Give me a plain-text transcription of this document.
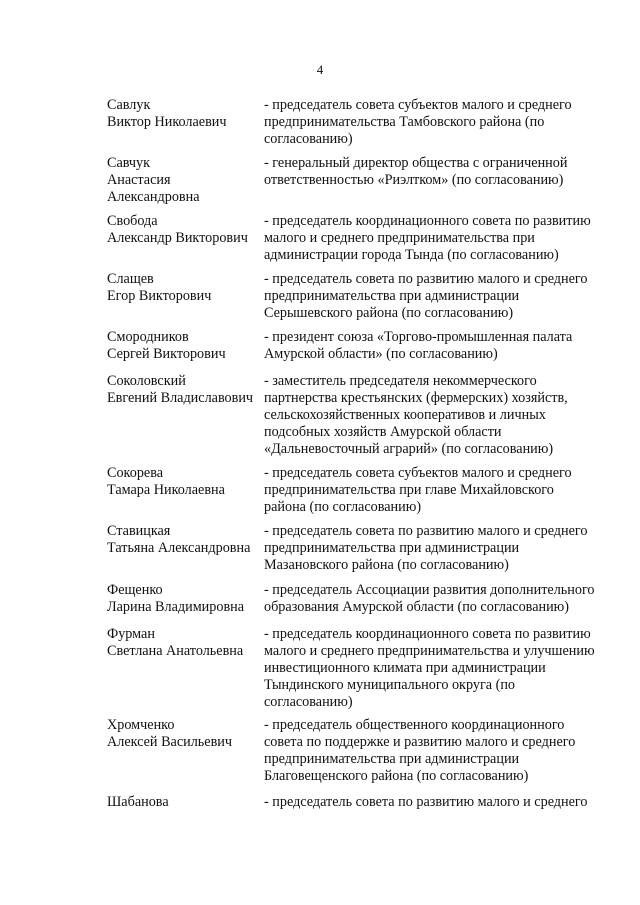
4
Савлук
Виктор Николаевич
- председатель совета субъектов малого и среднего
предпринимательства Тамбовского района (по
согласованию)
Савчук
Анастасия
Александровна
- генеральный директор общества с ограниченной
ответственностью «Риэлтком» (по согласованию)
Свобода
Александр Викторович
- председатель координационного совета по развитию
малого и среднего предпринимательства при
администрации города Тында (по согласованию)
Слащев
Егор Викторович
- председатель совета по развитию малого и среднего
предпринимательства при администрации
Серышевского района (по согласованию)
Смородников
Сергей Викторович
- президент союза «Торгово-промышленная палата
Амурской области» (по согласованию)
Соколовский
Евгений Владиславович
- заместитель председателя некоммерческого
партнерства крестьянских (фермерских) хозяйств,
сельскохозяйственных кооперативов и личных
подсобных хозяйств Амурской области
«Дальневосточный аграрий» (по согласованию)
Сокорева
Тамара Николаевна
- председатель совета субъектов малого и среднего
предпринимательства при главе Михайловского
района (по согласованию)
Ставицкая
Татьяна Александровна
- председатель совета по развитию малого и среднего
предпринимательства при администрации
Мазановского района (по согласованию)
Фещенко
Ларина Владимировна
- председатель Ассоциации развития дополнительного
образования Амурской области (по согласованию)
Фурман
Светлана Анатольевна
- председатель координационного совета по развитию
малого и среднего предпринимательства и улучшению
инвестиционного климата при администрации
Тындинского муниципального округа (по
согласованию)
Хромченко
Алексей Васильевич
- председатель общественного координационного
совета по поддержке и развитию малого и среднего
предпринимательства при администрации
Благовещенского района (по согласованию)
Шабанова	- председатель совета по развитию малого и среднего
